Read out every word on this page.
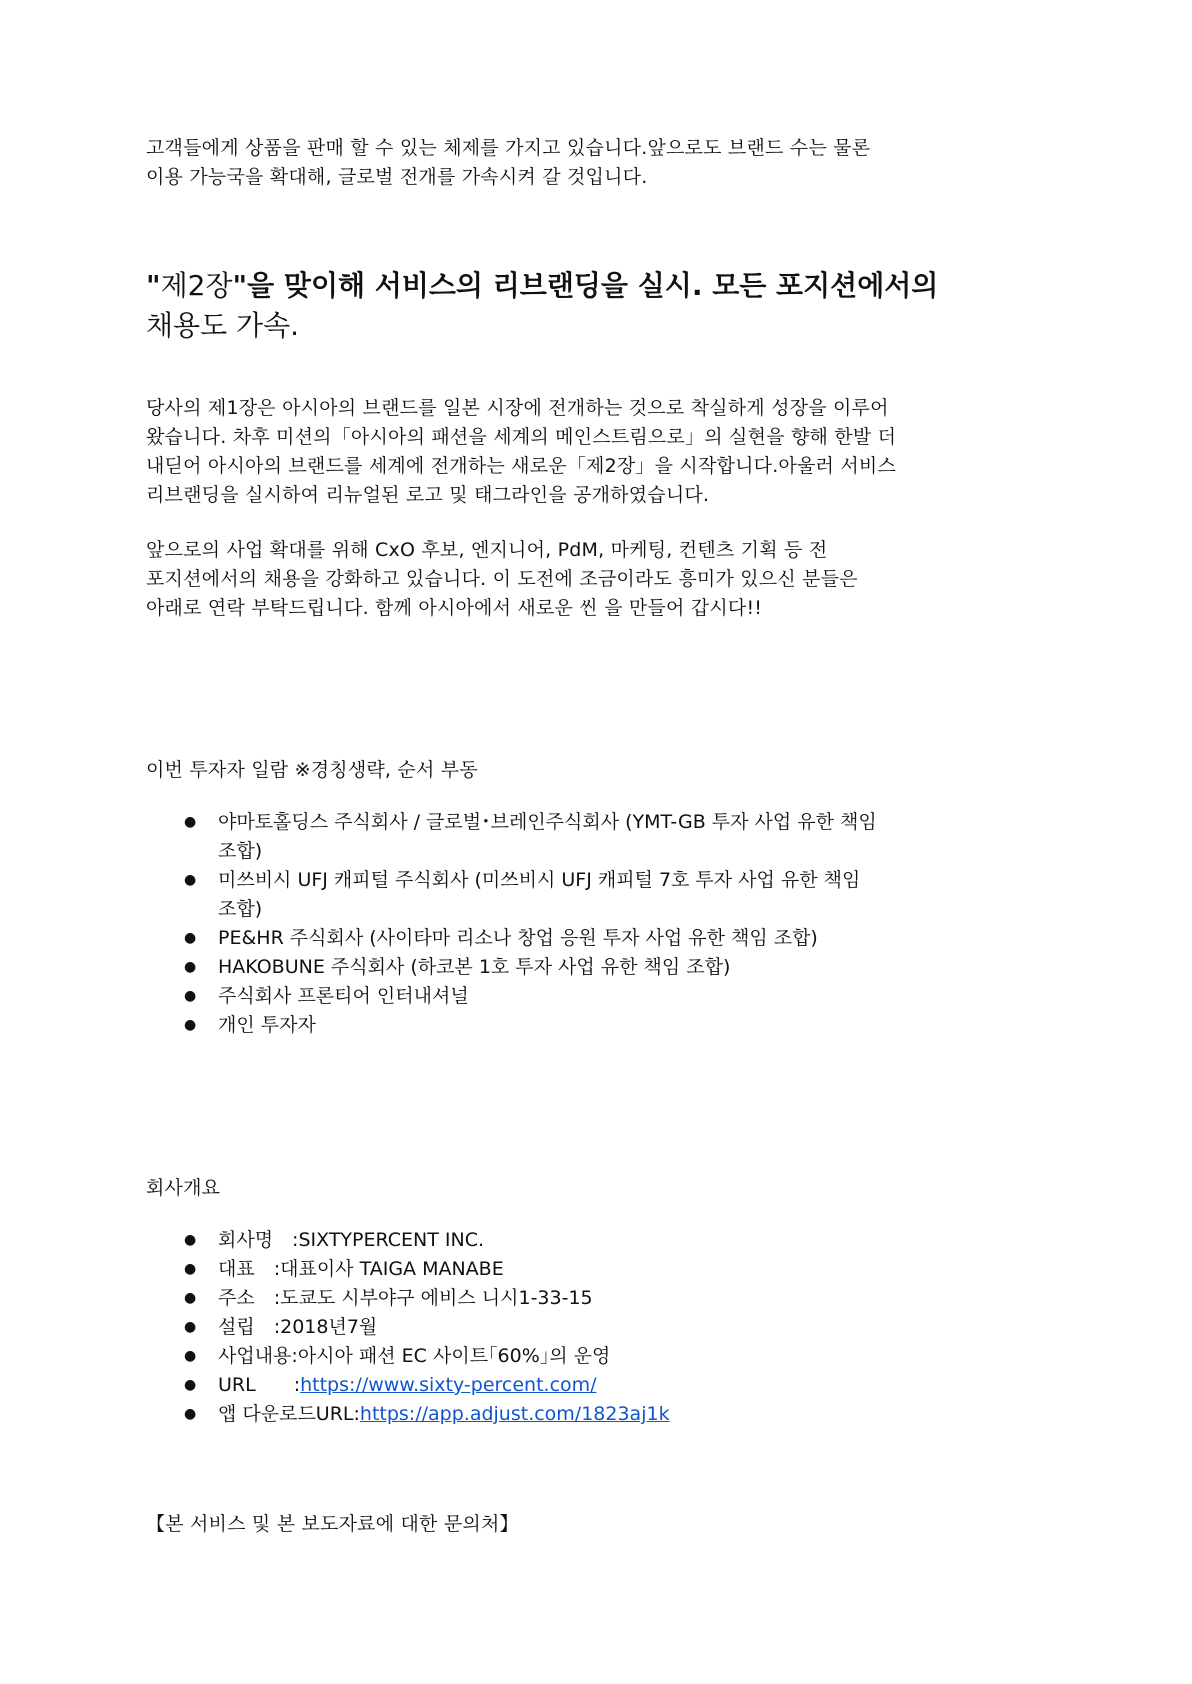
고객들에게 상품을 판매 할 수 있는 체제를 가지고 있습니다.앞으로도 브랜드 수는 물론
이용 가능국을 확대해, 글로벌 전개를 가속시켜 갈 것입니다.

"제2장"을 맞이해 서비스의 리브랜딩을 실시. 모든 포지션에서의
채용도 가속.

당사의 제1장은 아시아의 브랜드를 일본 시장에 전개하는 것으로 착실하게 성장을 이루어
왔습니다. 차후 미션의「아시아의 패션을 세계의 메인스트림으로」의 실현을 향해 한발 더
내딛어 아시아의 브랜드를 세계에 전개하는 새로운「제2장」을 시작합니다.아울러 서비스
리브랜딩을 실시하여 리뉴얼된 로고 및 태그라인을 공개하였습니다.

앞으로의 사업 확대를 위해 CxO 후보, 엔지니어, PdM, 마케팅, 컨텐츠 기획 등 전
포지션에서의 채용을 강화하고 있습니다. 이 도전에 조금이라도 흥미가 있으신 분들은
아래로 연락 부탁드립니다. 함께 아시아에서 새로운 씬 을 만들어 갑시다!!

이번 투자자 일람 ※경칭생략, 순서 부동

● 야마토홀딩스 주식회사 / 글로벌･브레인주식회사 (YMT-GB 투자 사업 유한 책임
조합)
● 미쓰비시 UFJ 캐피털 주식회사 (미쓰비시 UFJ 캐피털 7호 투자 사업 유한 책임
조합)
● PE&HR 주식회사 (사이타마 리소나 창업 응원 투자 사업 유한 책임 조합)
● HAKOBUNE 주식회사 (하코본 1호 투자 사업 유한 책임 조합)
● 주식회사 프론티어 인터내셔널
● 개인 투자자

회사개요

● 회사명　:SIXTYPERCENT INC.
● 대표　:대표이사 TAIGA MANABE
● 주소　:도쿄도 시부야구 에비스 니시1-33-15
● 설립　:2018년7월
● 사업내용:아시아 패션 EC 사이트｢60%｣의 운영
● URL　　:https://www.sixty-percent.com/
● 앱 다운로드URL:https://app.adjust.com/1823aj1k

【본 서비스 및 본 보도자료에 대한 문의처】
